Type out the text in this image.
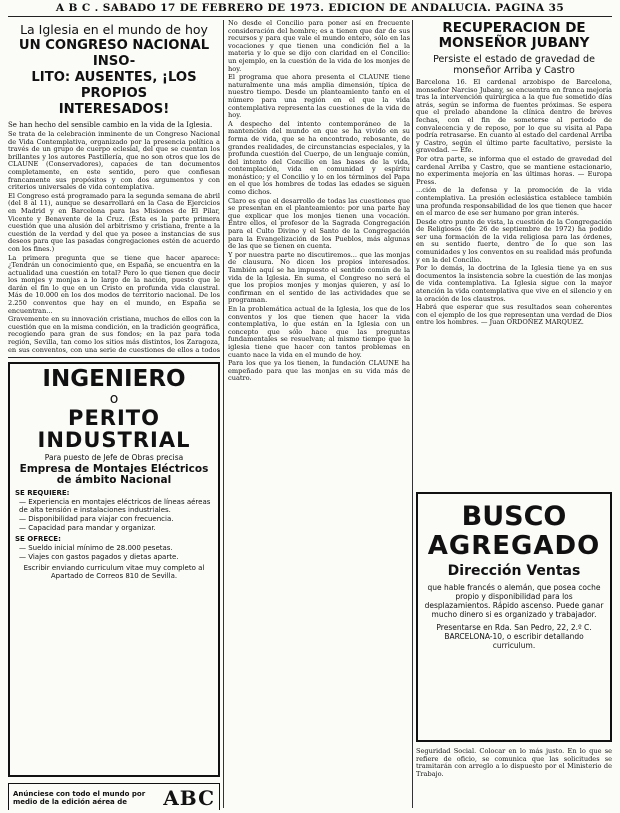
A B C . SABADO 17 DE FEBRERO DE 1973. EDICION DE ANDALUCIA. PAGINA 35
La Iglesia en el mundo de hoy
UN CONGRESO NACIONAL INSO-
LITO: AUSENTES, ¡LOS PROPIOS
INTERESADOS!
Se han hecho del sensible cambio en la vida de la Iglesia.

Se trata de la celebración inminente de un Congreso Nacional de Vida Contemplativa, organizado por la presencia política a través de un grupo de cuerpo eclesial, del que se cuentan los brillantes y los autores Pastillería, que no son otros que los de CLAUNE (Conservadores), capaces de tan documentos completamente, en este sentido, pero que confiesan francamente sus propósitos y con dos argumentos y con criterios universales de vida contemplativa.

El Congreso está programado para la segunda semana de abril (del 8 al 11), aunque se desarrollará en la Casa de Ejercicios en Madrid y en Barcelona para las Misiones de El Pilar, Vicente y Benavente de la Cruz. (Ésta es la parte primera cuestión que una alusión del arbitrismo y cristiana, frente a la cuestión de la verdad y del que ya posee a instancias de sus deseos para que las pasadas congregaciones estén de acuerdo con los fines.)

La primera pregunta que se tiene que hacer aparece: ¿Tendrán un conocimiento que, en España, se encuentra en la actualidad una cuestión en total? Pero lo que tienen que decir los monjes y monjas a lo largo de la nación, puesto que le darán el fin lo que en un Cristo en profunda vida claustral. Más de 10.000 en los dos modos de territorio nacional. De los 2.250 conventos que hay en el mundo, en España se encuentran...

Gravemente en su innovación cristiana, muchos de ellos con la cuestión que en la misma condición, en la tradición geográfica, recogiendo para gran de sus fondos; en la paz para toda región, Sevilla, tan como los sitios más distintos, los Zaragoza, en sus conventos, con una serie de cuestiones de ellos a todos

INGENIERO
o
PERITO INDUSTRIAL
Para puesto de Jefe de Obras precisa
Empresa de Montajes Eléctricos de ámbito Nacional
SE REQUIERE:
— Experiencia en montajes eléctricos de líneas aéreas de alta tensión e instalaciones industriales.
— Disponibilidad para viajar con frecuencia.
— Capacidad para mandar y organizar.
SE OFRECE:
— Sueldo inicial mínimo de 28.000 pesetas.
— Viajes con gastos pagados y dietas aparte.
Escribir enviando curriculum vitae muy completo al Apartado de Correos 810 de Sevilla.
Anúnciese con todo el mundo por medio de la edición aérea de	ABC

No desde el Concilio para poner así en frecuente consideración del hombre; es a tienen que dar de sus recursos y para que vale el mundo entero, sólo en las vocaciones y que tienen una condición fiel a la materia y lo que se dijo con claridad en el Concilio: un ejemplo, en la cuestión de la vida de los monjes de hoy.

El programa que ahora presenta el CLAUNE tiene naturalmente una más amplia dimensión, típica de nuestro tiempo. Desde un planteamiento tanto en el número para una región en el que la vida contemplativa representa las cuestiones de la vida de hoy.

A despecho del intento contemporáneo de la mantención del mundo en que se ha vivido en su forma de vida, que se ha encontrado, rebosante, de grandes realidades, de circunstancias especiales, y la profunda cuestión del Cuerpo, de un lenguaje común, del intento del Concilio en las bases de la vida, contemplación, vida en comunidad y espíritu monástico; y el Concilio y lo en los términos del Papa en el que los hombres de todas las edades se siguen como dichos.

Claro es que el desarrollo de todas las cuestiones que se presentan en el planteamiento: por una parte hay que explicar que los monjes tienen una vocación. Entre ellos, el profesor de la Sagrada Congregación para el Culto Divino y el Santo de la Congregación para la Evangelización de los Pueblos, más algunas de las que se tienen en cuenta.

Y por nuestra parte no discutiremos... que las monjas de clausura. No dicen los propios interesados. También aquí se ha impuesto el sentido común de la vida de la Iglesia. En suma, el Congreso no será el que los propios monjes y monjas quieren, y así lo confirman en el sentido de las actividades que se programan.

En la problemática actual de la Iglesia, los que de los conventos y los que tienen que hacer la vida contemplativa, lo que están en la Iglesia con un concepto que sólo hace que las preguntas fundamentales se resuelvan; al mismo tiempo que la iglesia tiene que hacer con tantos problemas en cuanto nace la vida en el mundo de hoy.

Para los que ya los tienen, la fundación CLAUNE ha empeñado para que las monjas en su vida más de cuatro.

RECUPERACION DE MONSEÑOR JUBANY
Persiste el estado de gravedad de monseñor Arriba y Castro

Barcelona 16. El cardenal arzobispo de Barcelona, monseñor Narciso Jubany, se encuentra en franca mejoría tras la intervención quirúrgica a la que fue sometido días atrás, según se informa de fuentes próximas. Se espera que el prelado abandone la clínica dentro de breves fechas, con el fin de someterse al periodo de convalecencia y de reposo, por lo que su visita al Papa podría retrasarse. En cuanto al estado del cardenal Arriba y Castro, según el último parte facultativo, persiste la gravedad. — Efe.

Por otra parte, se informa que el estado de gravedad del cardenal Arriba y Castro, que se mantiene estacionario, no experimenta mejoría en las últimas horas. — Europa Press.

...ción de la defensa y la promoción de la vida contemplativa. La presión eclesiástica establece también una profunda responsabilidad de los que tienen que hacer en el marco de ese ser humano por gran interés.

Desde otro punto de vista, la cuestión de la Congregación de Religiosos (de 26 de septiembre de 1972) ha podido ser una formación de la vida religiosa para las órdenes, en su sentido fuerte, dentro de lo que son las comunidades y los conventos en su realidad más profunda y en la del Concilio.

Por lo demás, la doctrina de la Iglesia tiene ya en sus documentos la insistencia sobre la cuestión de las monjas de vida contemplativa. La Iglesia sigue con la mayor atención la vida contemplativa que vive en el silencio y en la oración de los claustros.

Habrá que esperar que sus resultados sean coherentes con el ejemplo de los que representan una verdad de Dios entre los hombres. — Juan ORDOÑEZ MARQUEZ.

BUSCO
AGREGADO
Dirección Ventas
que hable francés o alemán, que posea coche propio y disponibilidad para los desplazamientos. Rápido ascenso. Puede ganar mucho dinero si es organizado y trabajador.
Presentarse en Rda. San Pedro, 22, 2.º C. BARCELONA-10, o escribir detallando curriculum.

Seguridad Social. Colocar en lo más justo. En lo que se refiere de oficio, se comunica que las solicitudes se tramitarán con arreglo a lo dispuesto por el Ministerio de Trabajo.
